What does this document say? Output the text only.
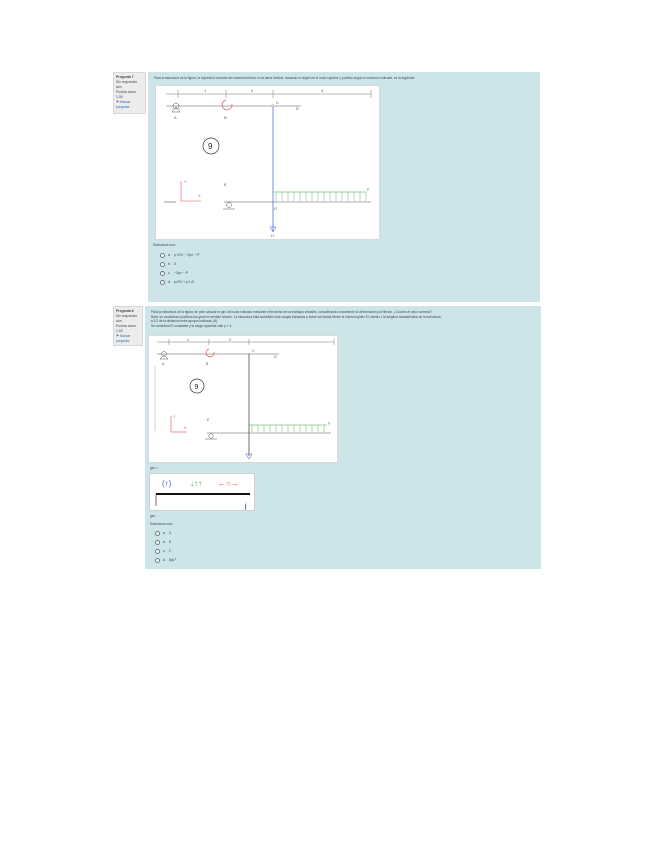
Pregunta 7
Sin responder aún
Puntúa como 1,00
⚑ Marcar pregunta
Para la estructura de la figura, la expresión correcta del momento flector en la barra vertical, tomando el origen en el nudo superior y positivo según el convenio indicado, es la siguiente:
1	2	3
A	B
C
D
9
Y
X
E
p
G
H
Seleccione una:
a. p·x²/2 − 2px − P
b. 0
c. −2px − P
d. px²/2 + p·L/2
Pregunta 8
Sin responder aún
Puntúa como 1,00
⚑ Marcar pregunta
Para la estructura de la figura, se pide calcular el giro del nudo indicado mediante el teorema de los trabajos virtuales, considerando únicamente la deformación por flexión. ¿Cuál es el valor correcto?
Nota: se consideran positivos los giros en sentido horario. La estructura está sometida a las cargas indicadas y todas las barras tienen la misma rigidez EI, siendo L la longitud característica de la estructura.
a 1/2 de la distancia entre apoyos indicada, (8).
Se considera EI constante y la carga repartida vale p = 4.
1	2
A	B
C
D
9
Y
X
E
p
giro =
(↑) ↓↑↑ ←○→
j
giro
Seleccione una:
a. 0
b. 8
c. 2
d. 8pL³
